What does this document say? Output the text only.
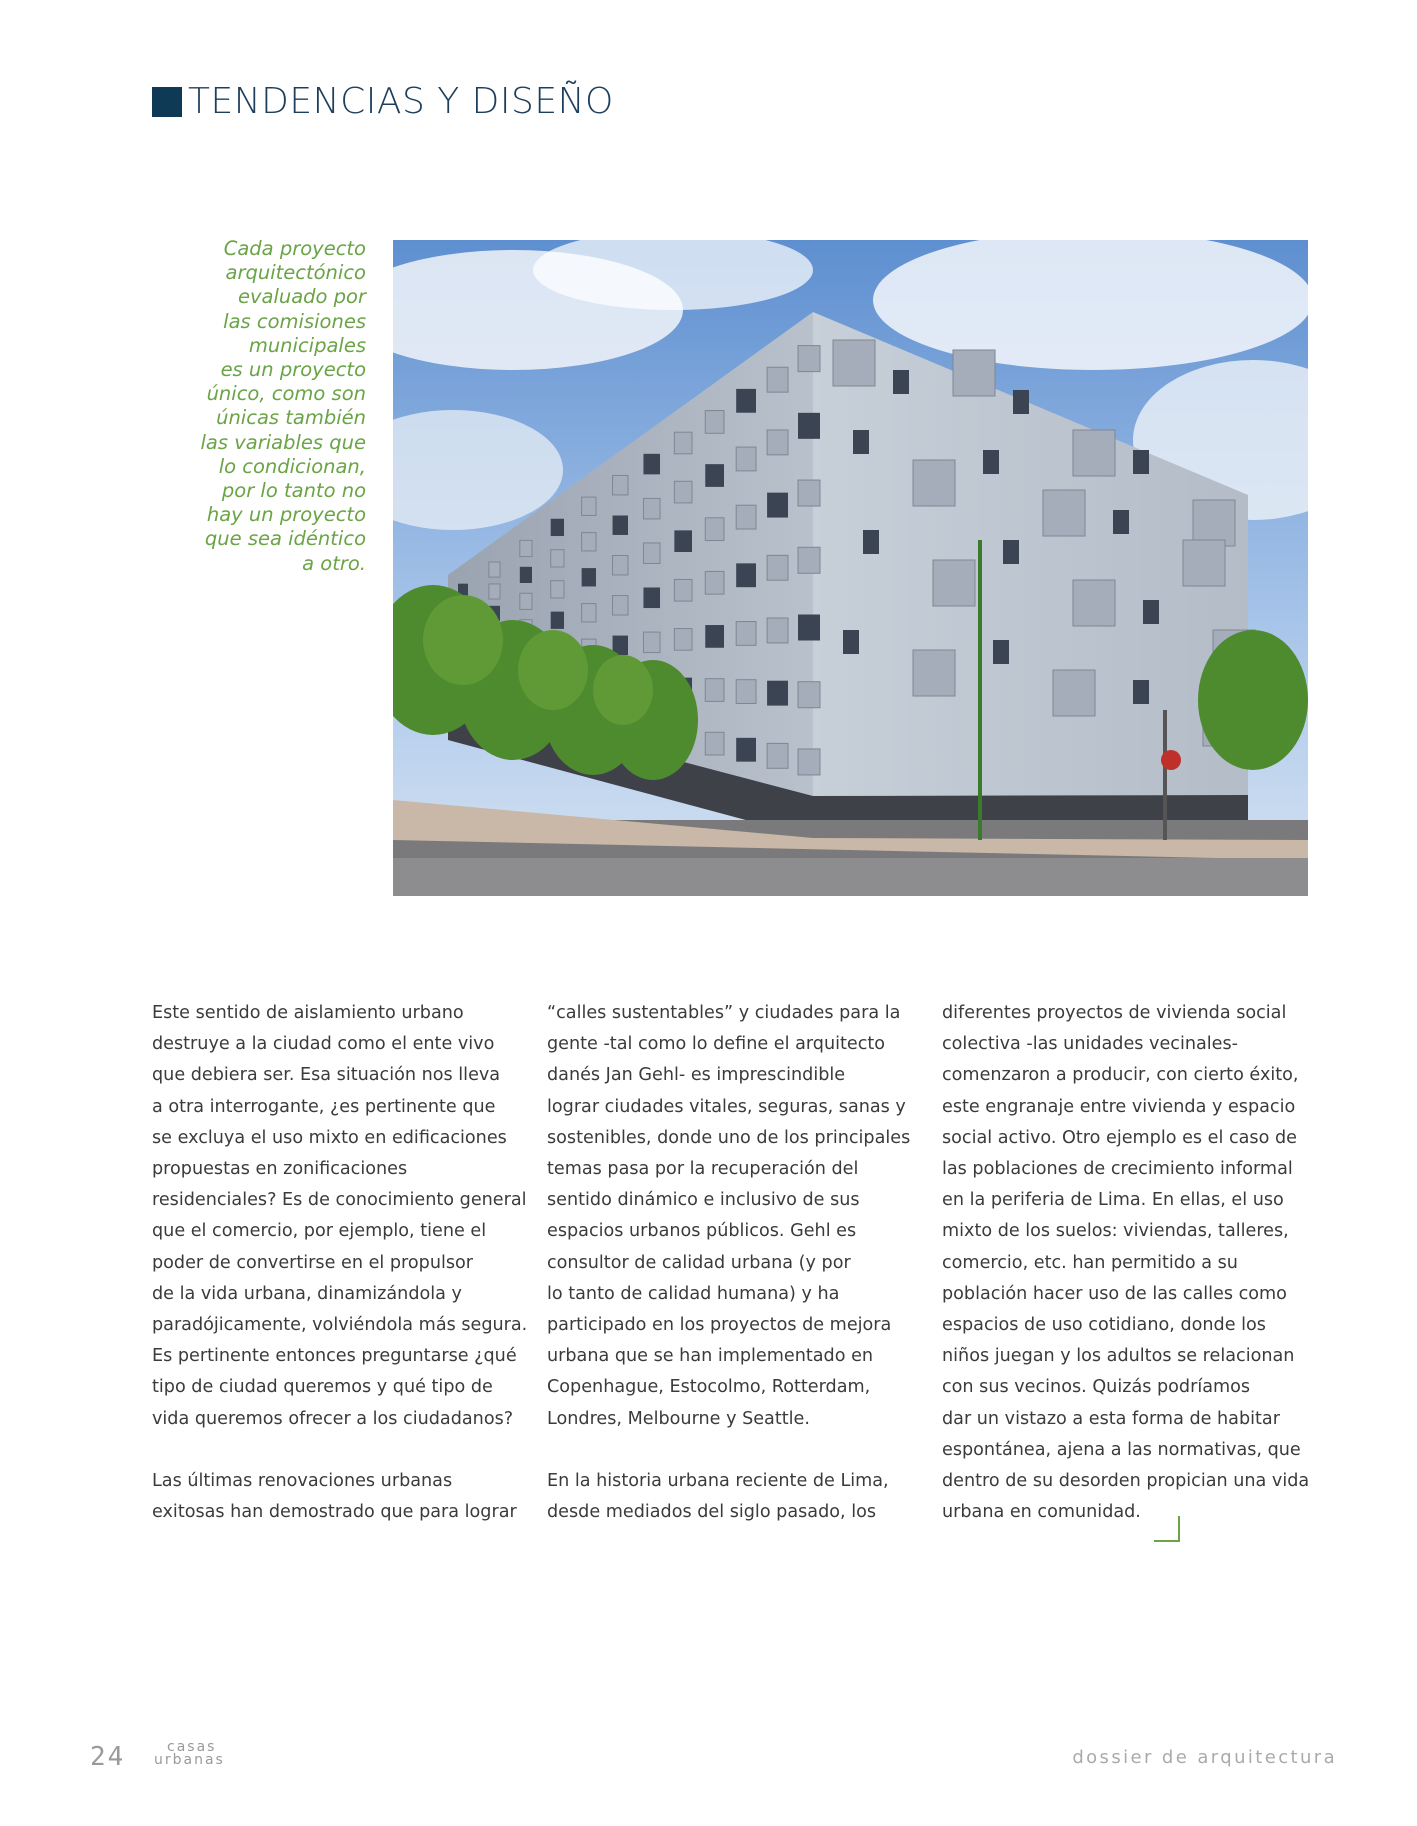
TENDENCIAS Y DISEÑO
Cada proyecto
arquitectónico
evaluado por
las comisiones
municipales
es un proyecto
único, como son
únicas también
las variables que
lo condicionan,
por lo tanto no
hay un proyecto
que sea idéntico
a otro.
Este sentido de aislamiento urbano
destruye a la ciudad como el ente vivo
que debiera ser. Esa situación nos lleva
a otra interrogante, ¿es pertinente que
se excluya el uso mixto en edificaciones
propuestas en zonificaciones
residenciales? Es de conocimiento general
que el comercio, por ejemplo, tiene el
poder de convertirse en el propulsor
de la vida urbana, dinamizándola y
paradójicamente, volviéndola más segura.
Es pertinente entonces preguntarse ¿qué
tipo de ciudad queremos y qué tipo de
vida queremos ofrecer a los ciudadanos?
Las últimas renovaciones urbanas
exitosas han demostrado que para lograr
“calles sustentables” y ciudades para la
gente -tal como lo define el arquitecto
danés Jan Gehl- es imprescindible
lograr ciudades vitales, seguras, sanas y
sostenibles, donde uno de los principales
temas pasa por la recuperación del
sentido dinámico e inclusivo de sus
espacios urbanos públicos. Gehl es
consultor de calidad urbana (y por
lo tanto de calidad humana) y ha
participado en los proyectos de mejora
urbana que se han implementado en
Copenhague, Estocolmo, Rotterdam,
Londres, Melbourne y Seattle.
En la historia urbana reciente de Lima,
desde mediados del siglo pasado, los
diferentes proyectos de vivienda social
colectiva -las unidades vecinales-
comenzaron a producir, con cierto éxito,
este engranaje entre vivienda y espacio
social activo. Otro ejemplo es el caso de
las poblaciones de crecimiento informal
en la periferia de Lima. En ellas, el uso
mixto de los suelos: viviendas, talleres,
comercio, etc. han permitido a su
población hacer uso de las calles como
espacios de uso cotidiano, donde los
niños juegan y los adultos se relacionan
con sus vecinos. Quizás podríamos
dar un vistazo a esta forma de habitar
espontánea, ajena a las normativas, que
dentro de su desorden propician una vida
urbana en comunidad.
24	casas
urbanas	dossier de arquitectura
